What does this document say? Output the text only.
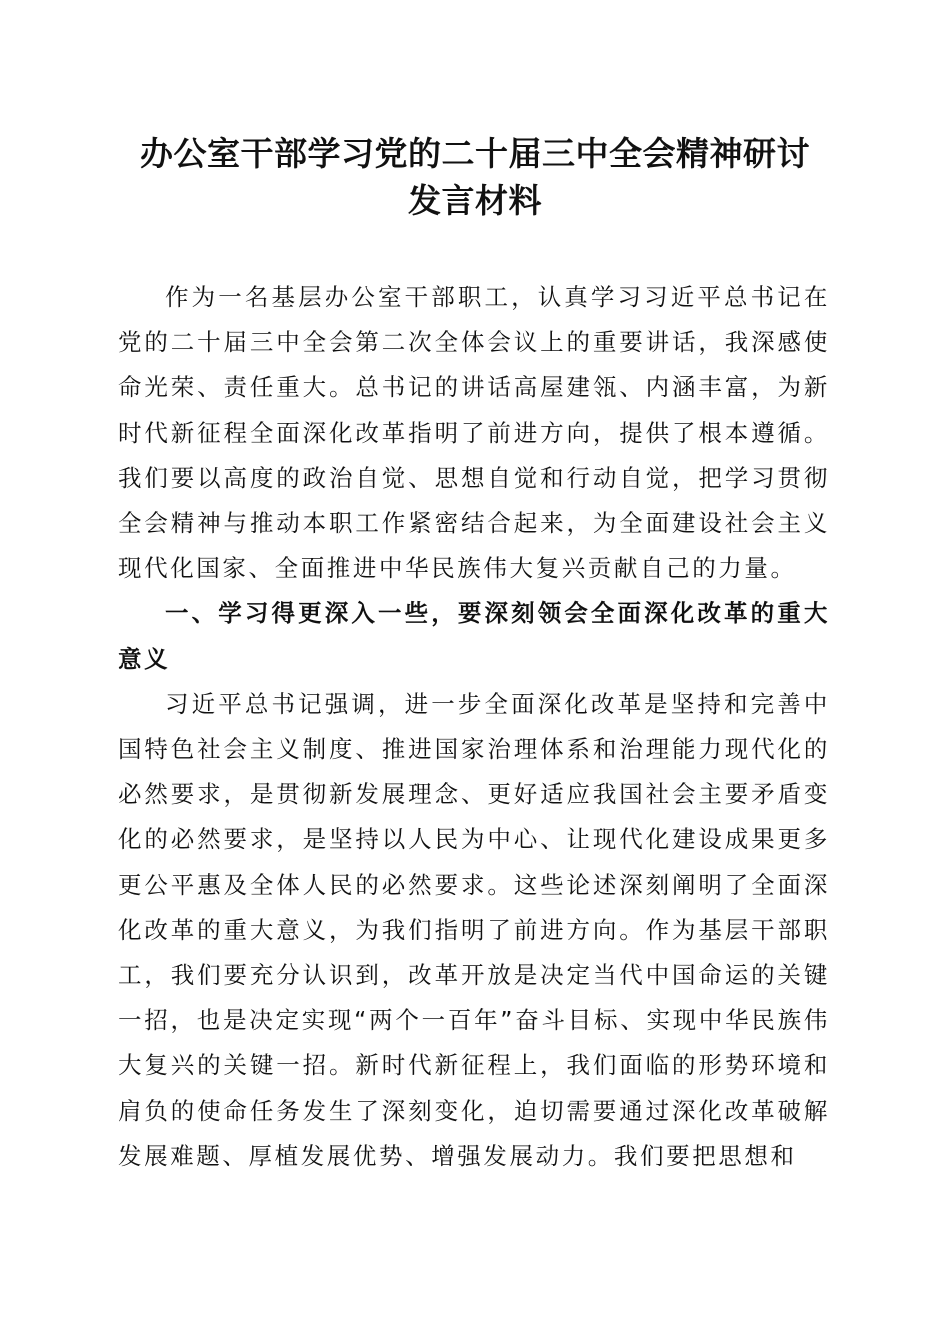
办公室干部学习党的二十届三中全会精神研讨
发言材料

作为一名基层办公室干部职工，认真学习习近平总书记在党的二十届三中全会第二次全体会议上的重要讲话，我深感使命光荣、责任重大。总书记的讲话高屋建瓴、内涵丰富，为新时代新征程全面深化改革指明了前进方向，提供了根本遵循。我们要以高度的政治自觉、思想自觉和行动自觉，把学习贯彻全会精神与推动本职工作紧密结合起来，为全面建设社会主义现代化国家、全面推进中华民族伟大复兴贡献自己的力量。

一、学习得更深入一些，要深刻领会全面深化改革的重大意义

习近平总书记强调，进一步全面深化改革是坚持和完善中国特色社会主义制度、推进国家治理体系和治理能力现代化的必然要求，是贯彻新发展理念、更好适应我国社会主要矛盾变化的必然要求，是坚持以人民为中心、让现代化建设成果更多更公平惠及全体人民的必然要求。这些论述深刻阐明了全面深化改革的重大意义，为我们指明了前进方向。作为基层干部职工，我们要充分认识到，改革开放是决定当代中国命运的关键一招，也是决定实现“两个一百年”奋斗目标、实现中华民族伟大复兴的关键一招。新时代新征程上，我们面临的形势环境和肩负的使命任务发生了深刻变化，迫切需要通过深化改革破解发展难题、厚植发展优势、增强发展动力。我们要把思想和
